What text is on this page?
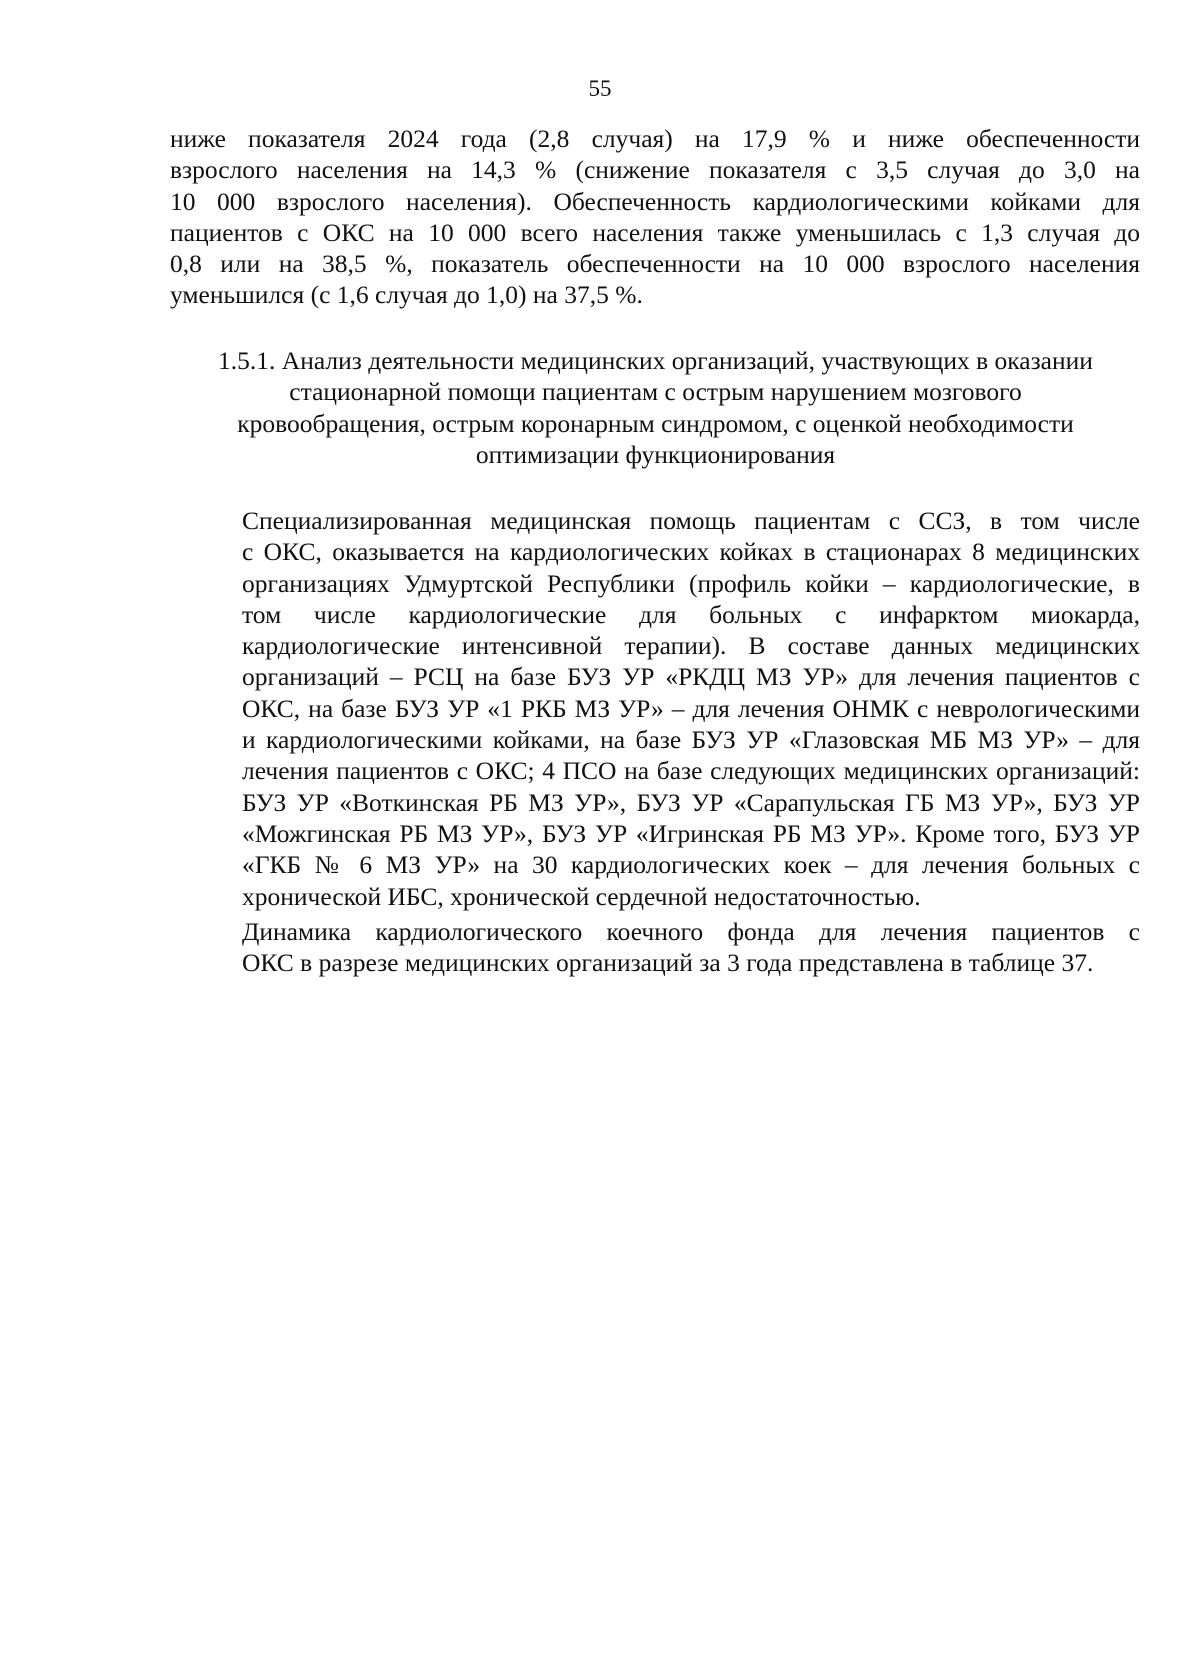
55
ниже показателя 2024 года (2,8 случая) на 17,9 % и ниже обеспеченности
взрослого населения на 14,3 % (снижение показателя с 3,5 случая до 3,0 на
10 000 взрослого населения). Обеспеченность кардиологическими койками для
пациентов с ОКС на 10 000 всего населения также уменьшилась с 1,3 случая до
0,8 или на 38,5 %, показатель обеспеченности на 10 000 взрослого населения
уменьшился (с 1,6 случая до 1,0) на 37,5 %.
1.5.1. Анализ деятельности медицинских организаций, участвующих в оказании
стационарной помощи пациентам с острым нарушением мозгового
кровообращения, острым коронарным синдромом, с оценкой необходимости
оптимизации функционирования
Специализированная медицинская помощь пациентам с ССЗ, в том числе
с ОКС, оказывается на кардиологических койках в стационарах 8 медицинских
организациях Удмуртской Республики (профиль койки – кардиологические, в
том числе кардиологические для больных с инфарктом миокарда,
кардиологические интенсивной терапии). В составе данных медицинских
организаций – РСЦ на базе БУЗ УР «РКДЦ МЗ УР» для лечения пациентов с
ОКС, на базе БУЗ УР «1 РКБ МЗ УР» – для лечения ОНМК с неврологическими
и кардиологическими койками, на базе БУЗ УР «Глазовская МБ МЗ УР» – для
лечения пациентов с ОКС; 4 ПСО на базе следующих медицинских организаций:
БУЗ УР «Воткинская РБ МЗ УР», БУЗ УР «Сарапульская ГБ МЗ УР», БУЗ УР
«Можгинская РБ МЗ УР», БУЗ УР «Игринская РБ МЗ УР». Кроме того, БУЗ УР
«ГКБ № 6 МЗ УР» на 30 кардиологических коек – для лечения больных с
хронической ИБС, хронической сердечной недостаточностью.
Динамика кардиологического коечного фонда для лечения пациентов с
ОКС в разрезе медицинских организаций за 3 года представлена в таблице 37.
